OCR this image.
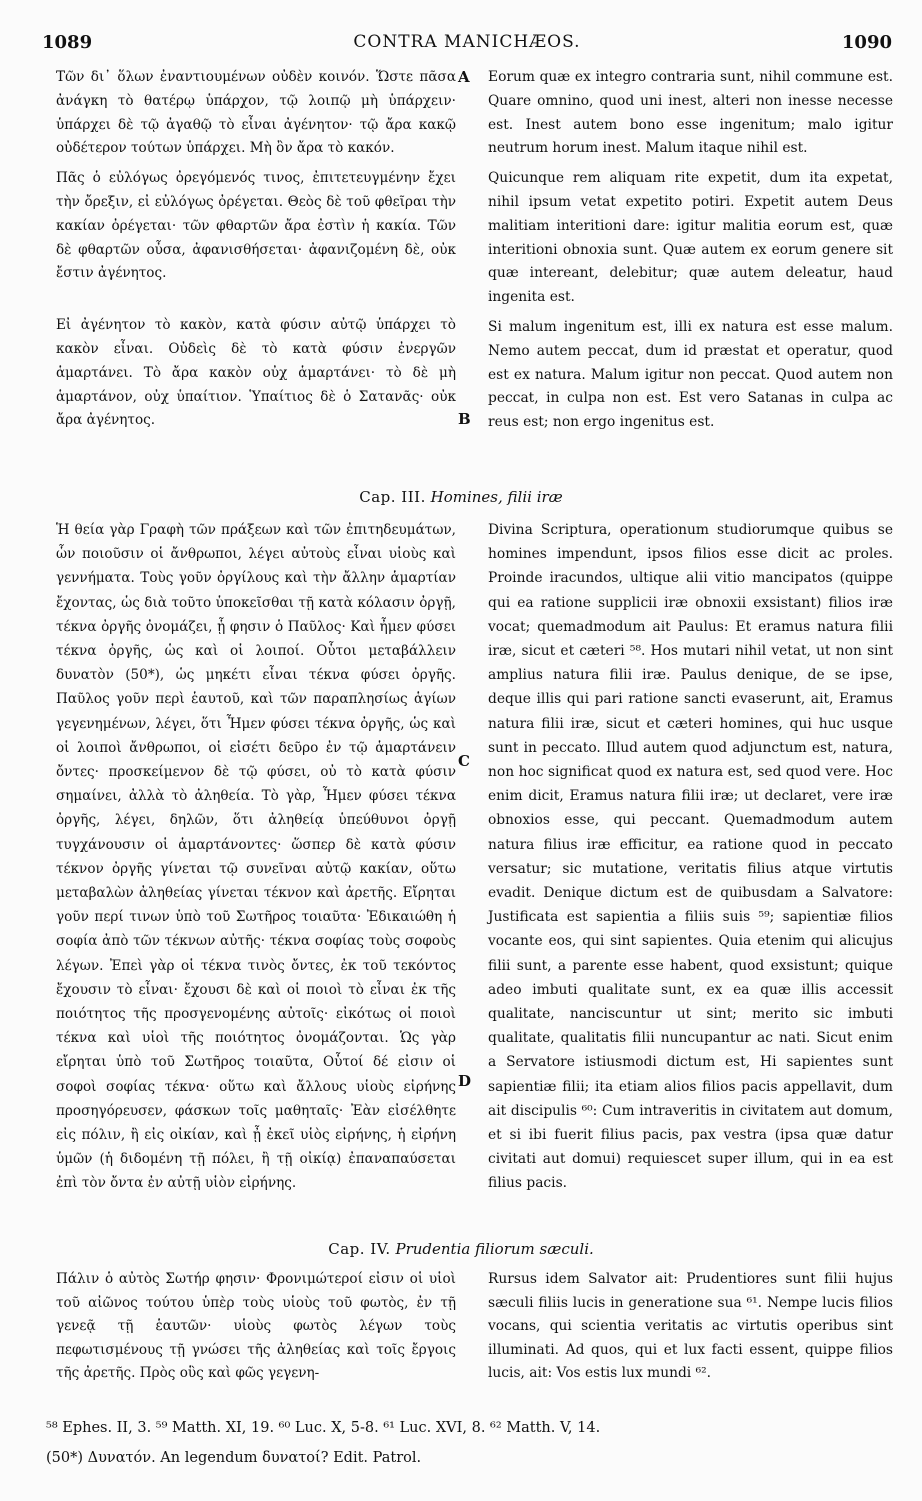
1089	CONTRA MANICHÆOS.	1090

Τῶν δι᾽ ὅλων ἐναντιουμένων οὐδὲν κοινόν. Ὥστε πᾶσα ἀνάγκη τὸ θατέρῳ ὑπάρχον, τῷ λοιπῷ μὴ ὑπάρχειν· ὑπάρχει δὲ τῷ ἀγαθῷ τὸ εἶναι ἀγένητον· τῷ ἄρα κακῷ οὐδέτερον τούτων ὑπάρχει. Μὴ ὂν ἄρα τὸ κακόν.

Πᾶς ὁ εὐλόγως ὀρεγόμενός τινος, ἐπιτετευγμένην ἔχει τὴν ὄρεξιν, εἰ εὐλόγως ὀρέγεται. Θεὸς δὲ τοῦ φθεῖραι τὴν κακίαν ὀρέγεται· τῶν φθαρτῶν ἄρα ἐστὶν ἡ κακία. Τῶν δὲ φθαρτῶν οὖσα, ἀφανισθήσεται· ἀφανιζομένη δὲ, οὐκ ἔστιν ἀγένητος.

Εἰ ἀγένητον τὸ κακὸν, κατὰ φύσιν αὐτῷ ὑπάρχει τὸ κακὸν εἶναι. Οὐδεὶς δὲ τὸ κατὰ φύσιν ἐνεργῶν ἁμαρτάνει. Τὸ ἄρα κακὸν οὐχ ἁμαρτάνει· τὸ δὲ μὴ ἁμαρτάνον, οὐχ ὑπαίτιον. Ὑπαίτιος δὲ ὁ Σατανᾶς· οὐκ ἄρα ἀγένητος.

Eorum quæ ex integro contraria sunt, nihil commune est. Quare omnino, quod uni inest, alteri non inesse necesse est. Inest autem bono esse ingenitum; malo igitur neutrum horum inest. Malum itaque nihil est.

Quicunque rem aliquam rite expetit, dum ita expetat, nihil ipsum vetat expetito potiri. Expetit autem Deus malitiam interitioni dare: igitur malitia eorum est, quæ interitioni obnoxia sunt. Quæ autem ex eorum genere sit quæ intereant, delebitur; quæ autem deleatur, haud ingenita est.

Si malum ingenitum est, illi ex natura est esse malum. Nemo autem peccat, dum id præstat et operatur, quod est ex natura. Malum igitur non peccat. Quod autem non peccat, in culpa non est. Est vero Satanas in culpa ac reus est; non ergo ingenitus est.

A
B
C
D
Cap. III. Homines, filii iræ

Ἡ θεία γὰρ Γραφὴ τῶν πράξεων καὶ τῶν ἐπιτηδευμάτων, ὧν ποιοῦσιν οἱ ἄνθρωποι, λέγει αὐτοὺς εἶναι υἱοὺς καὶ γεννήματα. Τοὺς γοῦν ὀργίλους καὶ τὴν ἄλλην ἁμαρτίαν ἔχοντας, ὡς διὰ τοῦτο ὑποκεῖσθαι τῇ κατὰ κόλασιν ὀργῇ, τέκνα ὀργῆς ὀνομάζει, ᾗ φησιν ὁ Παῦλος· Καὶ ἦμεν φύσει τέκνα ὀργῆς, ὡς καὶ οἱ λοιποί. Οὗτοι μεταβάλλειν δυνατὸν (50*), ὡς μηκέτι εἶναι τέκνα φύσει ὀργῆς. Παῦλος γοῦν περὶ ἑαυτοῦ, καὶ τῶν παραπλησίως ἁγίων γεγενημένων, λέγει, ὅτι Ἦμεν φύσει τέκνα ὀργῆς, ὡς καὶ οἱ λοιποὶ ἄνθρωποι, οἱ εἰσέτι δεῦρο ἐν τῷ ἁμαρτάνειν ὄντες· προσκείμενον δὲ τῷ φύσει, οὐ τὸ κατὰ φύσιν σημαίνει, ἀλλὰ τὸ ἀληθεία. Τὸ γὰρ, Ἦμεν φύσει τέκνα ὀργῆς, λέγει, δηλῶν, ὅτι ἀληθείᾳ ὑπεύθυνοι ὀργῇ τυγχάνουσιν οἱ ἁμαρτάνοντες· ὥσπερ δὲ κατὰ φύσιν τέκνον ὀργῆς γίνεται τῷ συνεῖναι αὐτῷ κακίαν, οὕτω μεταβαλὼν ἀληθείας γίνεται τέκνον καὶ ἀρετῆς. Εἴρηται γοῦν περί τινων ὑπὸ τοῦ Σωτῆρος τοιαῦτα· Ἐδικαιώθη ἡ σοφία ἀπὸ τῶν τέκνων αὐτῆς· τέκνα σοφίας τοὺς σοφοὺς λέγων. Ἐπεὶ γὰρ οἱ τέκνα τινὸς ὄντες, ἐκ τοῦ τεκόντος ἔχουσιν τὸ εἶναι· ἔχουσι δὲ καὶ οἱ ποιοὶ τὸ εἶναι ἐκ τῆς ποιότητος τῆς προσγενομένης αὐτοῖς· εἰκότως οἱ ποιοὶ τέκνα καὶ υἱοὶ τῆς ποιότητος ὀνομάζονται. Ὡς γὰρ εἴρηται ὑπὸ τοῦ Σωτῆρος τοιαῦτα, Οὗτοί δέ εἰσιν οἱ σοφοὶ σοφίας τέκνα· οὕτω καὶ ἄλλους υἱοὺς εἰρήνης προσηγόρευσεν, φάσκων τοῖς μαθηταῖς· Ἐὰν εἰσέλθητε εἰς πόλιν, ἢ εἰς οἰκίαν, καὶ ᾖ ἐκεῖ υἱὸς εἰρήνης, ἡ εἰρήνη ὑμῶν (ἡ διδομένη τῇ πόλει, ἢ τῇ οἰκίᾳ) ἐπαναπαύσεται ἐπὶ τὸν ὄντα ἐν αὐτῇ υἱὸν εἰρήνης.

Divina Scriptura, operationum studiorumque quibus se homines impendunt, ipsos filios esse dicit ac proles. Proinde iracundos, ultique alii vitio mancipatos (quippe qui ea ratione supplicii iræ obnoxii exsistant) filios iræ vocat; quemadmodum ait Paulus: Et eramus natura filii iræ, sicut et cæteri ⁵⁸. Hos mutari nihil vetat, ut non sint amplius natura filii iræ. Paulus denique, de se ipse, deque illis qui pari ratione sancti evaserunt, ait, Eramus natura filii iræ, sicut et cæteri homines, qui huc usque sunt in peccato. Illud autem quod adjunctum est, natura, non hoc significat quod ex natura est, sed quod vere. Hoc enim dicit, Eramus natura filii iræ; ut declaret, vere iræ obnoxios esse, qui peccant. Quemadmodum autem natura filius iræ efficitur, ea ratione quod in peccato versatur; sic mutatione, veritatis filius atque virtutis evadit. Denique dictum est de quibusdam a Salvatore: Justificata est sapientia a filiis suis ⁵⁹; sapientiæ filios vocante eos, qui sint sapientes. Quia etenim qui alicujus filii sunt, a parente esse habent, quod exsistunt; quique adeo imbuti qualitate sunt, ex ea quæ illis accessit qualitate, nanciscuntur ut sint; merito sic imbuti qualitate, qualitatis filii nuncupantur ac nati. Sicut enim a Servatore istiusmodi dictum est, Hi sapientes sunt sapientiæ filii; ita etiam alios filios pacis appellavit, dum ait discipulis ⁶⁰: Cum intraveritis in civitatem aut domum, et si ibi fuerit filius pacis, pax vestra (ipsa quæ datur civitati aut domui) requiescet super illum, qui in ea est filius pacis.

Cap. IV. Prudentia filiorum sæculi.

Πάλιν ὁ αὐτὸς Σωτήρ φησιν· Φρονιμώτεροί εἰσιν οἱ υἱοὶ τοῦ αἰῶνος τούτου ὑπὲρ τοὺς υἱοὺς τοῦ φωτὸς, ἐν τῇ γενεᾷ τῇ ἑαυτῶν· υἱοὺς φωτὸς λέγων τοὺς πεφωτισμένους τῇ γνώσει τῆς ἀληθείας καὶ τοῖς ἔργοις τῆς ἀρετῆς. Πρὸς οὓς καὶ φῶς γεγενη-

Rursus idem Salvator ait: Prudentiores sunt filii hujus sæculi filiis lucis in generatione sua ⁶¹. Nempe lucis filios vocans, qui scientia veritatis ac virtutis operibus sint illuminati. Ad quos, qui et lux facti essent, quippe filios lucis, ait: Vos estis lux mundi ⁶².

⁵⁸ Ephes. II, 3. ⁵⁹ Matth. XI, 19. ⁶⁰ Luc. X, 5-8. ⁶¹ Luc. XVI, 8. ⁶² Matth. V, 14.
(50*) Δυνατόν. An legendum δυνατοί? Edit. Patrol.
